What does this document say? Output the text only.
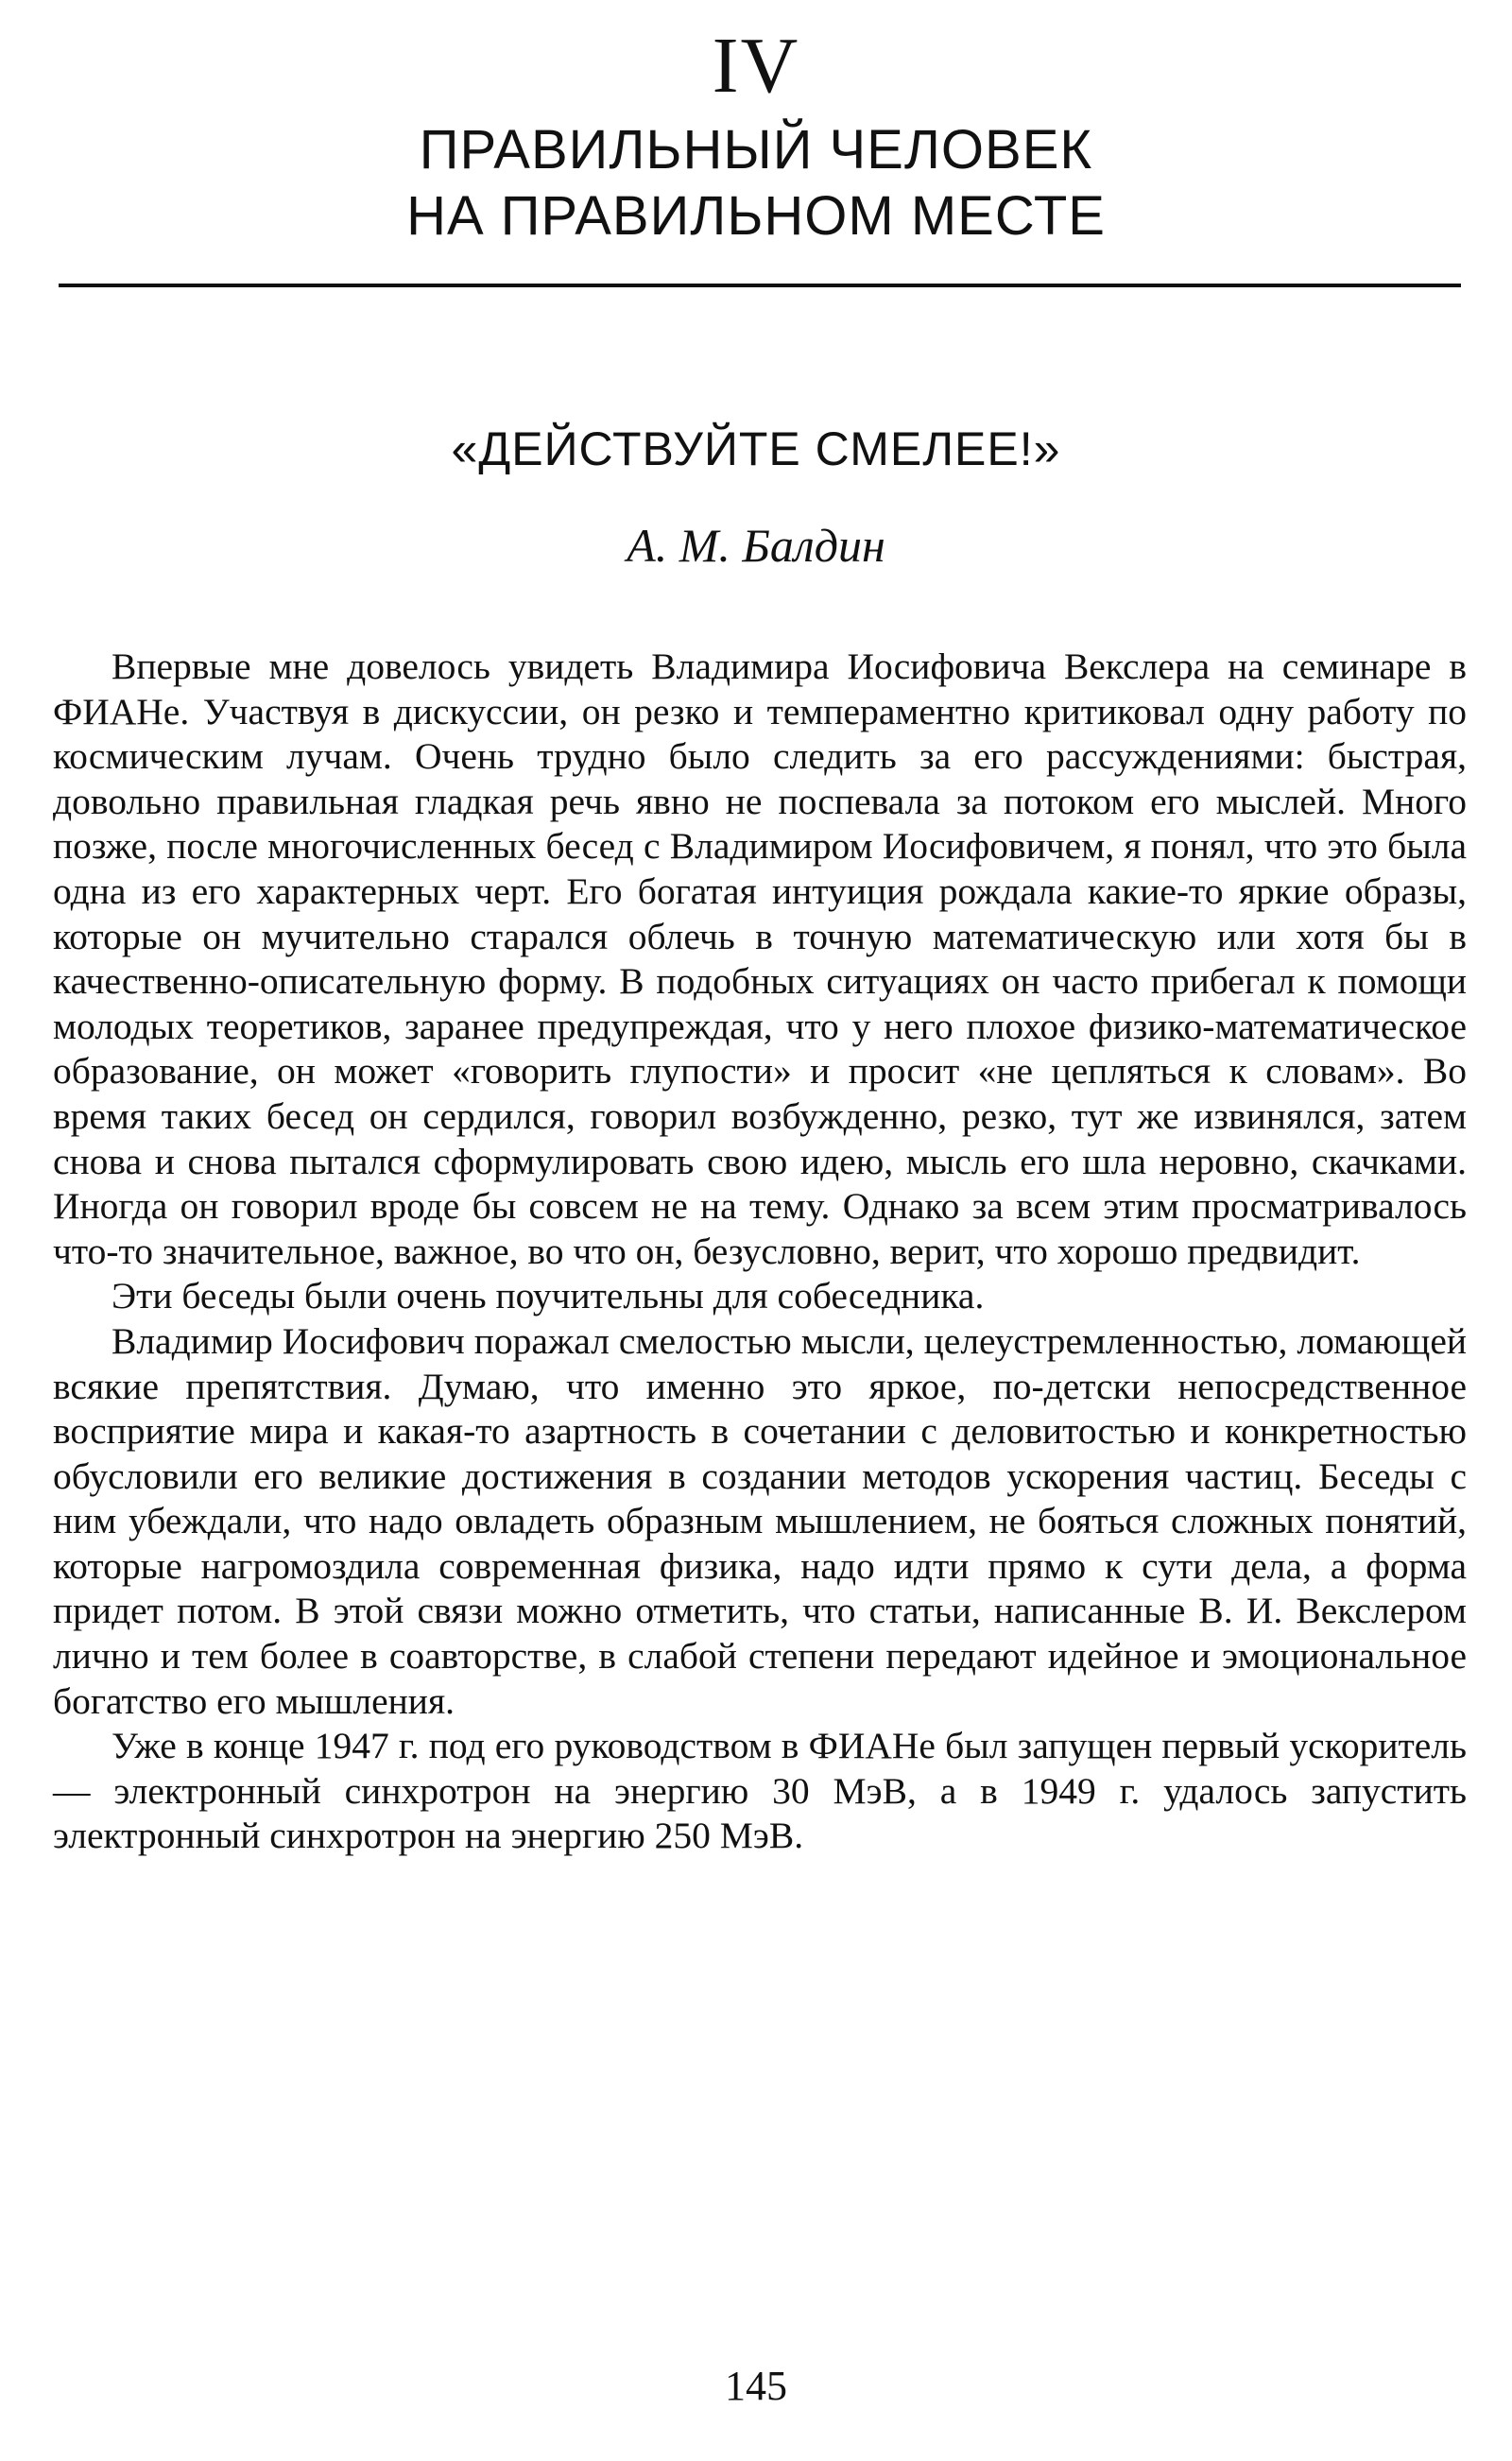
IV
ПРАВИЛЬНЫЙ ЧЕЛОВЕК
НА ПРАВИЛЬНОМ МЕСТЕ
«ДЕЙСТВУЙТЕ СМЕЛЕЕ!»
А. М. Балдин

Впервые мне довелось увидеть Владимира Иосифовича Векслера на семинаре в ФИАНе. Участвуя в дискуссии, он резко и темпераментно критиковал одну работу по космическим лучам. Очень трудно было следить за его рассуждениями: быстрая, довольно правильная гладкая речь явно не поспевала за потоком его мыслей. Много позже, после многочисленных бесед с Владимиром Иосифовичем, я понял, что это была одна из его характерных черт. Его богатая интуиция рождала какие-то яркие образы, которые он мучительно старался облечь в точную математическую или хотя бы в качественно-описательную форму. В подобных ситуациях он часто прибегал к помощи молодых теоретиков, заранее предупреждая, что у него плохое физико-математическое образование, он может «говорить глупости» и просит «не цепляться к словам». Во время таких бесед он сердился, говорил возбужденно, резко, тут же извинялся, затем снова и снова пытался сформулировать свою идею, мысль его шла неровно, скачками. Иногда он говорил вроде бы совсем не на тему. Однако за всем этим просматривалось что-то значительное, важное, во что он, безусловно, верит, что хорошо предвидит.

Эти беседы были очень поучительны для собеседника.

Владимир Иосифович поражал смелостью мысли, целеустремленностью, ломающей всякие препятствия. Думаю, что именно это яркое, по-детски непосредственное восприятие мира и какая-то азартность в сочетании с деловитостью и конкретностью обусловили его великие достижения в создании методов ускорения частиц. Беседы с ним убеждали, что надо овладеть образным мышлением, не бояться сложных понятий, которые нагромоздила современная физика, надо идти прямо к сути дела, а форма придет потом. В этой связи можно отметить, что статьи, написанные В. И. Векслером лично и тем более в соавторстве, в слабой степени передают идейное и эмоциональное богатство его мышления.

Уже в конце 1947 г. под его руководством в ФИАНе был запущен первый ускоритель — электронный синхротрон на энергию 30 МэВ, а в 1949 г. удалось запустить электронный синхротрон на энергию 250 МэВ.

145
